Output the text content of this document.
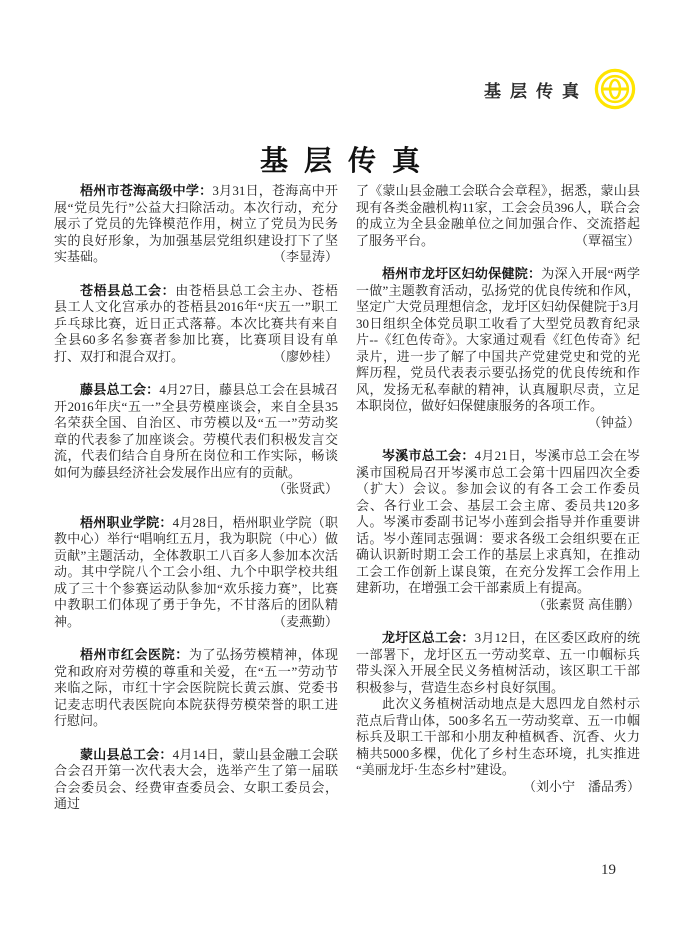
基层传真
基层传真

梧州市苍海高级中学：3月31日，苍海高中开展“党员先行”公益大扫除活动。本次行动，充分展示了党员的先锋模范作用，树立了党员为民务实的良好形象，为加强基层党组织建设打下了坚实基础。	（李显涛）

苍梧县总工会：由苍梧县总工会主办、苍梧县工人文化宫承办的苍梧县2016年“庆五一”职工乒乓球比赛，近日正式落幕。本次比赛共有来自全县60多名参赛者参加比赛，比赛项目设有单打、双打和混合双打。	（廖妙桂）

藤县总工会：4月27日，藤县总工会在县城召开2016年庆“五一”全县劳模座谈会，来自全县35名荣获全国、自治区、市劳模以及“五一”劳动奖章的代表参了加座谈会。劳模代表们积极发言交流，代表们结合自身所在岗位和工作实际，畅谈如何为藤县经济社会发展作出应有的贡献。
（张贤武）

梧州职业学院：4月28日，梧州职业学院（职教中心）举行“唱响红五月，我为职院（中心）做贡献”主题活动，全体教职工八百多人参加本次活动。其中学院八个工会小组、九个中职学校共组成了三十个参赛运动队参加“欢乐接力赛”，比赛中教职工们体现了勇于争先，不甘落后的团队精神。	（麦燕勤）

梧州市红会医院：为了弘扬劳模精神，体现党和政府对劳模的尊重和关爱，在“五一”劳动节来临之际，市红十字会医院院长黄云旗、党委书记麦志明代表医院向本院获得劳模荣誉的职工进行慰问。

蒙山县总工会：4月14日，蒙山县金融工会联合会召开第一次代表大会，选举产生了第一届联合会委员会、经费审查委员会、女职工委员会，通过

了《蒙山县金融工会联合会章程》，据悉，蒙山县现有各类金融机构11家，工会会员396人，联合会的成立为全县金融单位之间加强合作、交流搭起了服务平台。	（覃福宝）

梧州市龙圩区妇幼保健院：为深入开展“两学一做”主题教育活动，弘扬党的优良传统和作风，坚定广大党员理想信念，龙圩区妇幼保健院于3月30日组织全体党员职工收看了大型党员教育纪录片--《红色传奇》。大家通过观看《红色传奇》纪录片，进一步了解了中国共产党建党史和党的光辉历程，党员代表表示要弘扬党的优良传统和作风，发扬无私奉献的精神，认真履职尽责，立足本职岗位，做好妇保健康服务的各项工作。
（钟益）

岑溪市总工会：4月21日，岑溪市总工会在岑溪市国税局召开岑溪市总工会第十四届四次全委（扩大）会议。参加会议的有各工会工作委员会、各行业工会、基层工会主席、委员共120多人。岑溪市委副书记岑小莲到会指导并作重要讲话。岑小莲同志强调：要求各级工会组织要在正确认识新时期工会工作的基层上求真知，在推动工会工作创新上谋良策，在充分发挥工会作用上建新功，在增强工会干部素质上有提高。
（张素贤 高佳鹏）

龙圩区总工会：3月12日，在区委区政府的统一部署下，龙圩区五一劳动奖章、五一巾帼标兵带头深入开展全民义务植树活动，该区职工干部积极参与，营造生态乡村良好氛围。

此次义务植树活动地点是大恩四龙自然村示范点后背山体，500多名五一劳动奖章、五一巾帼标兵及职工干部和小朋友种植枫香、沉香、火力楠共5000多棵，优化了乡村生态环境，扎实推进“美丽龙圩·生态乡村”建设。
（刘小宁　潘品秀）

19
